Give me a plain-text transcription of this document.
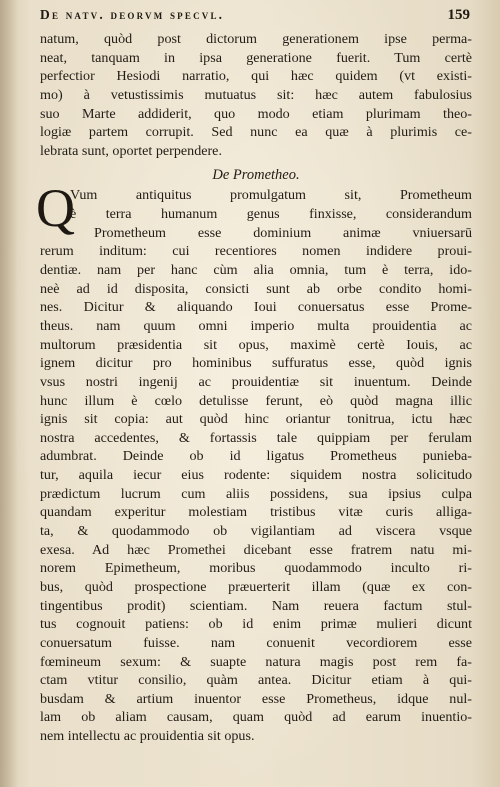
De natv. deorvm specvl.	159
natum, quòd post dictorum generationem ipse perma-
neat, tanquam in ipsa generatione fuerit. Tum certè
perfectior Hesiodi narratio, qui hæc quidem (vt existi-
mo) à vetustissimis mutuatus sit: hæc autem fabulosius
suo Marte addiderit, quo modo etiam plurimam theo-
logiæ partem corrupit. Sed nunc ea quæ à plurimis ce-
lebrata sunt, oportet perpendere.
De Prometheo.
Q
Vum antiquitus promulgatum sit, Prometheum
è terra humanum genus finxisse, considerandum
Prometheum esse dominium animæ vniuersarū
rerum inditum: cui recentiores nomen indidere proui-
dentiæ. nam per hanc cùm alia omnia, tum è terra, ido-
neè ad id disposita, consicti sunt ab orbe condito homi-
nes. Dicitur & aliquando Ioui conuersatus esse Prome-
theus. nam quum omni imperio multa prouidentia ac
multorum præsidentia sit opus, maximè certè Iouis, ac
ignem dicitur pro hominibus suffuratus esse, quòd ignis
vsus nostri ingenij ac prouidentiæ sit inuentum. Deinde
hunc illum è cœlo detulisse ferunt, eò quòd magna illic
ignis sit copia: aut quòd hinc oriantur tonitrua, ictu hæc
nostra accedentes, & fortassis tale quippiam per ferulam
adumbrat. Deinde ob id ligatus Prometheus punieba-
tur, aquila iecur eius rodente: siquidem nostra solicitudo
prædictum lucrum cum aliis possidens, sua ipsius culpa
quandam experitur molestiam tristibus vitæ curis alliga-
ta, & quodammodo ob vigilantiam ad viscera vsque
exesa. Ad hæc Promethei dicebant esse fratrem natu mi-
norem Epimetheum, moribus quodammodo inculto ri-
bus, quòd prospectione præuerterit illam (quæ ex con-
tingentibus prodit) scientiam. Nam reuera factum stul-
tus cognouit patiens: ob id enim primæ mulieri dicunt
conuersatum fuisse. nam conuenit vecordiorem esse
fœmineum sexum: & suapte natura magis post rem fa-
ctam vtitur consilio, quàm antea. Dicitur etiam à qui-
busdam & artium inuentor esse Prometheus, idque nul-
lam ob aliam causam, quam quòd ad earum inuentio-
nem intellectu ac prouidentia sit opus.
